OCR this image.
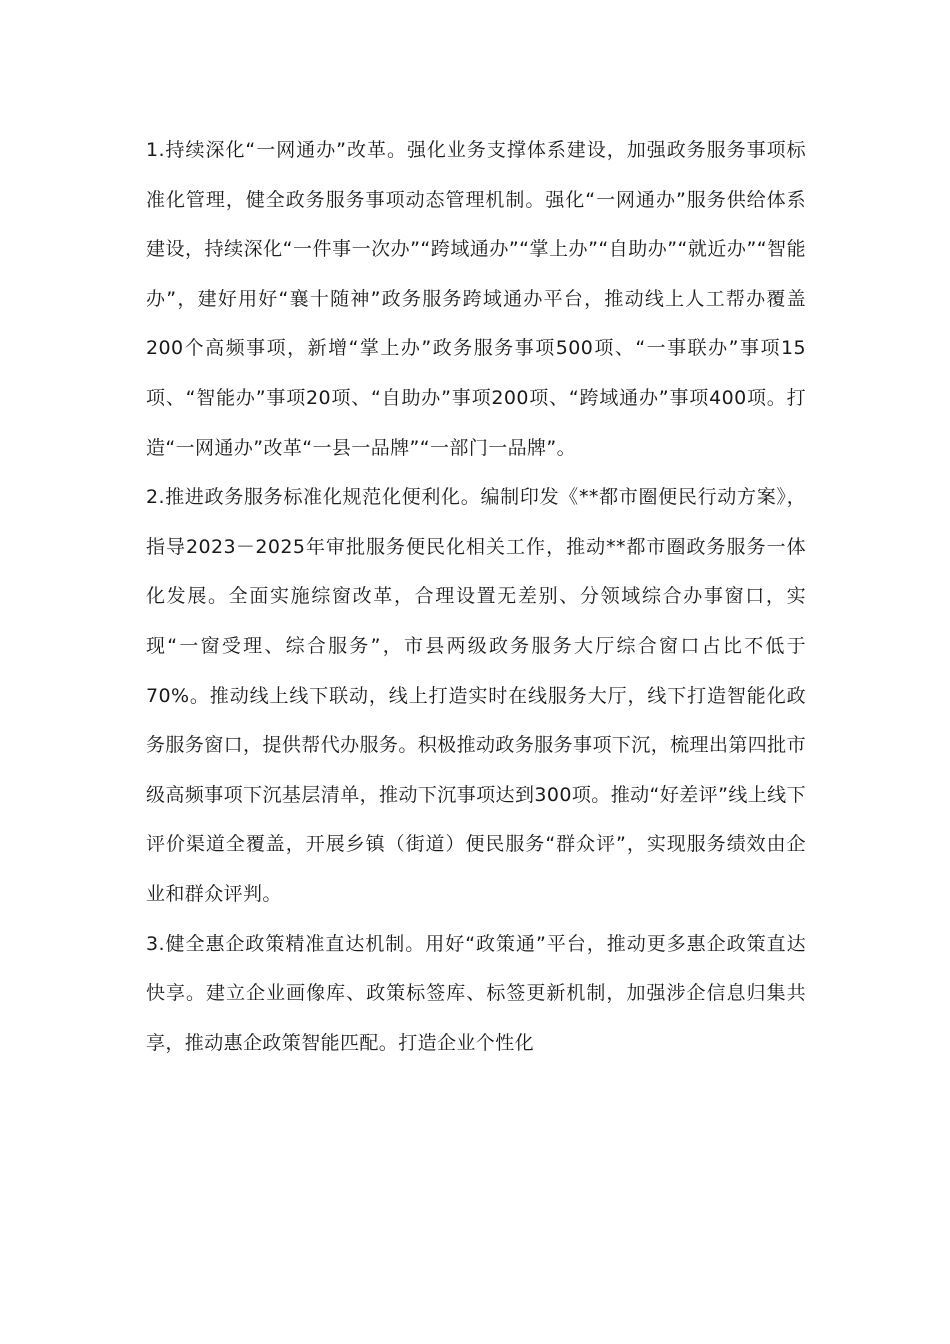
1.持续深化“一网通办”改革。强化业务支撑体系建设，加强政务服务事项标准化管理，健全政务服务事项动态管理机制。强化“一网通办”服务供给体系建设，持续深化“一件事一次办”“跨域通办”“掌上办”“自助办”“就近办”“智能办”，建好用好“襄十随神”政务服务跨域通办平台，推动线上人工帮办覆盖200个高频事项，新增“掌上办”政务服务事项500项、“一事联办”事项15项、“智能办”事项20项、“自助办”事项200项、“跨域通办”事项400项。打造“一网通办”改革“一县一品牌”“一部门一品牌”。

2.推进政务服务标准化规范化便利化。编制印发《**都市圈便民行动方案》，指导2023－2025年审批服务便民化相关工作，推动**都市圈政务服务一体化发展。全面实施综窗改革，合理设置无差别、分领域综合办事窗口，实现“一窗受理、综合服务”，市县两级政务服务大厅综合窗口占比不低于70%。推动线上线下联动，线上打造实时在线服务大厅，线下打造智能化政务服务窗口，提供帮代办服务。积极推动政务服务事项下沉，梳理出第四批市级高频事项下沉基层清单，推动下沉事项达到300项。推动“好差评”线上线下评价渠道全覆盖，开展乡镇（街道）便民服务“群众评”，实现服务绩效由企业和群众评判。

3.健全惠企政策精准直达机制。用好“政策通”平台，推动更多惠企政策直达快享。建立企业画像库、政策标签库、标签更新机制，加强涉企信息归集共享，推动惠企政策智能匹配。打造企业个性化
